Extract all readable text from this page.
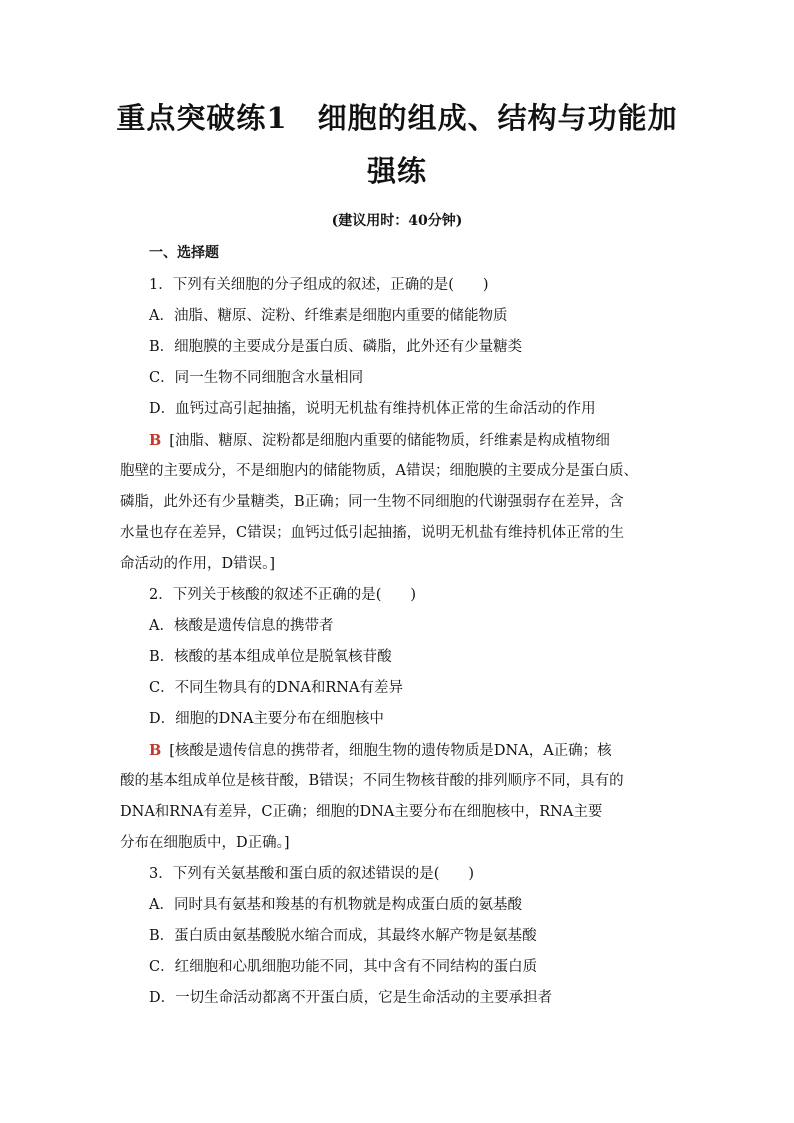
重点突破练1　细胞的组成、结构与功能加
强练
(建议用时：40分钟)
一、选择题
1．下列有关细胞的分子组成的叙述，正确的是(　　)
A．油脂、糖原、淀粉、纤维素是细胞内重要的储能物质
B．细胞膜的主要成分是蛋白质、磷脂，此外还有少量糖类
C．同一生物不同细胞含水量相同
D．血钙过高引起抽搐，说明无机盐有维持机体正常的生命活动的作用
B [油脂、糖原、淀粉都是细胞内重要的储能物质，纤维素是构成植物细
胞壁的主要成分，不是细胞内的储能物质，A错误；细胞膜的主要成分是蛋白质、
磷脂，此外还有少量糖类，B正确；同一生物不同细胞的代谢强弱存在差异，含
水量也存在差异，C错误；血钙过低引起抽搐，说明无机盐有维持机体正常的生
命活动的作用，D错误。]
2．下列关于核酸的叙述不正确的是(　　)
A．核酸是遗传信息的携带者
B．核酸的基本组成单位是脱氧核苷酸
C．不同生物具有的DNA和RNA有差异
D．细胞的DNA主要分布在细胞核中
B [核酸是遗传信息的携带者，细胞生物的遗传物质是DNA，A正确；核
酸的基本组成单位是核苷酸，B错误；不同生物核苷酸的排列顺序不同，具有的
DNA和RNA有差异，C正确；细胞的DNA主要分布在细胞核中，RNA主要
分布在细胞质中，D正确。]
3．下列有关氨基酸和蛋白质的叙述错误的是(　　)
A．同时具有氨基和羧基的有机物就是构成蛋白质的氨基酸
B．蛋白质由氨基酸脱水缩合而成，其最终水解产物是氨基酸
C．红细胞和心肌细胞功能不同，其中含有不同结构的蛋白质
D．一切生命活动都离不开蛋白质，它是生命活动的主要承担者
